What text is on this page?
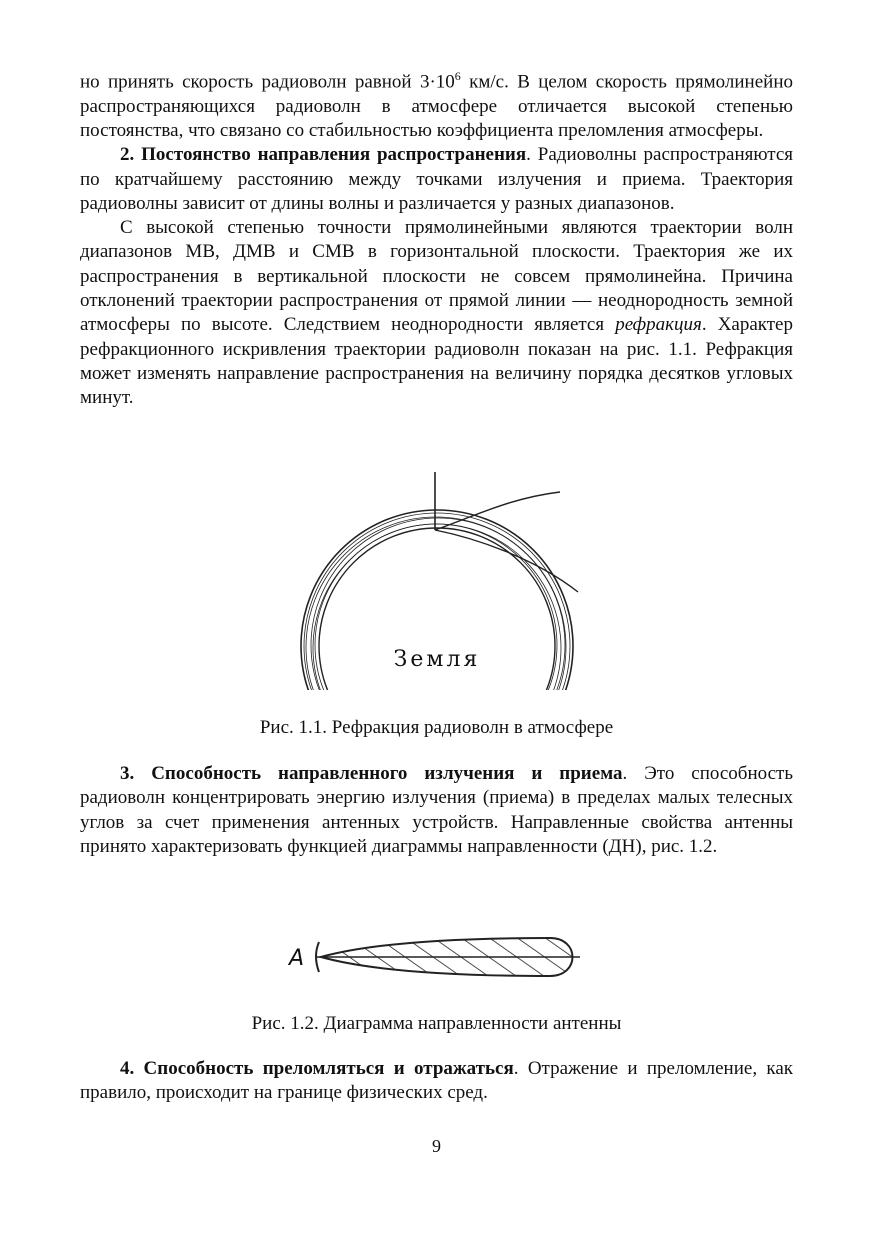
но принять скорость радиоволн равной $3\cdot 10^6$ км/с. В целом скорость прямолинейно распространяющихся радиоволн в атмосфере отличается высокой степенью постоянства, что связано со стабильностью коэффициента преломления атмосферы.

2. Постоянство направления распространения. Радиоволны распространяются по кратчайшему расстоянию между точками излучения и приема. Траектория радиоволны зависит от длины волны и различается у разных диапазонов.

С высокой степенью точности прямолинейными являются траектории волн диапазонов МВ, ДМВ и СМВ в горизонтальной плоскости. Траектория же их распространения в вертикальной плоскости не совсем прямолинейна. Причина отклонений траектории распространения от прямой линии — неоднородность земной атмосферы по высоте. Следствием неоднородности является рефракция. Характер рефракционного искривления траектории радиоволн показан на рис. 1.1. Рефракция может изменять направление распространения на величину порядка десятков угловых минут.

Земля
Рис. 1.1. Рефракция радиоволн в атмосфере

3. Способность направленного излучения и приема. Это способность радиоволн концентрировать энергию излучения (приема) в пределах малых телесных углов за счет применения антенных устройств. Направленные свойства антенны принято характеризовать функцией диаграммы направленности (ДН), рис. 1.2.

A
Рис. 1.2. Диаграмма направленности антенны

4. Способность преломляться и отражаться. Отражение и преломление, как правило, происходит на границе физических сред.

9
